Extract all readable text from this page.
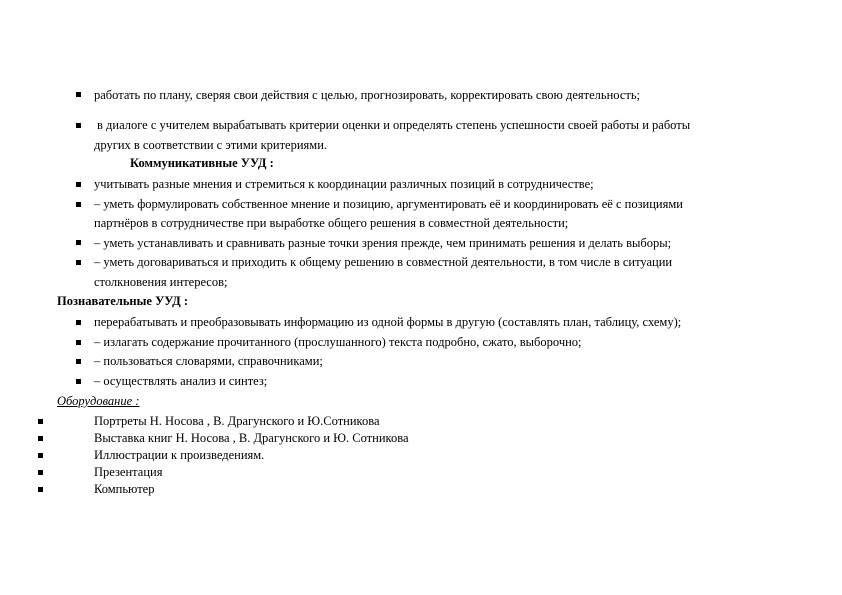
работать по плану, сверяя свои действия с целью, прогнозировать, корректировать свою деятельность;
в диалоге с учителем вырабатывать критерии оценки и определять степень успешности своей работы и работы
других в соответствии с этими критериями.
Коммуникативные УУД :
учитывать разные мнения и стремиться к координации различных позиций в сотрудничестве;
– уметь формулировать собственное мнение и позицию, аргументировать её и координировать её с позициями
партнёров в сотрудничестве при выработке общего решения в совместной деятельности;
– уметь устанавливать и сравнивать разные точки зрения прежде, чем принимать решения и делать выборы;
– уметь договариваться и приходить к общему решению в совместной деятельности, в том числе в ситуации
столкновения интересов;
Познавательные УУД :
перерабатывать и преобразовывать информацию из одной формы в другую (составлять план, таблицу, схему);
– излагать содержание прочитанного (прослушанного) текста подробно, сжато, выборочно;
– пользоваться словарями, справочниками;
– осуществлять анализ и синтез;
Оборудование :
Портреты Н. Носова , В. Драгунского и Ю.Сотникова
Выставка книг Н. Носова , В. Драгунского и Ю. Сотникова
Иллюстрации к произведениям.
Презентация
Компьютер
